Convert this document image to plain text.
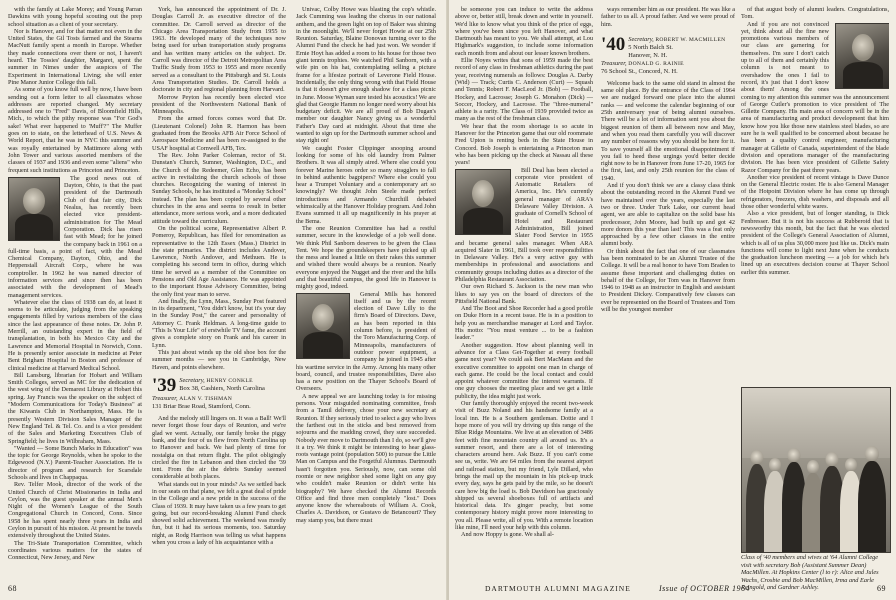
with the family at Lake Morey; and Young Parran Dawkins with young hopeful scouting out the prep school situation as a client of your secretary.

Nor is Hanover, and for that matter not even in the United States, the Gil Tosts farmed and the Stearns MacNutt family spent a month in Europe. Whether they made connections over there or not, I haven't heard. The Tossies' daughter, Margaret, spent the summer in Nimes under the auspices of The Experiment in International Living; she will enter Pine Manor Junior College this fall.

As some of you know full well by now, I have been sending out a form letter to all classmates whose addresses are reported changed. My secretary addressed one to "Fred" Davis, of Bloomfield Hills, Mich., to which the pithy response was "For God's sake! What ever happened to 'Muff'?" The Muffer goes on to state, on the letterhead of U.S. News & World Report, that he was in NYC this summer and was royally entertained by Mattimore along with John Tower and various assorted members of the classes of 1937 and 1936 and even some "aliens" who frequent such institutions as Princeton and Princeton.

The good news out of Dayton, Ohio, is that the past president of the Dartmouth Club of that fair city, Dick Nealus, has recently been elected vice president-administration for The Mead Corporation. Dick has risen fast with Mead; for he joined the company back in 1961 on a full-time basis, a point of fact, with the Mead Chemical Company, Dayton, Ohio, and the Heppenstall Aircraft Corp., where he was comptroller. In 1962 he was named director of information services and since then has been associated with the development of Mead's management services.

Whatever else the class of 1938 can do, at least it seems to be articulate, judging from the speaking engagements filled by various members of the class since the last appearance of these notes. Dr. John P. Merrill, an outstanding expert in the field of transplantation, in both his Mexico City and the Lawrence and Memorial Hospital in Norwich, Conn. He is presently senior associate in medicine at Peter Bent Brigham Hospital in Boston and professor of clinical medicine at Harvard Medical School.

Bill Lansburg, librarian for Hobart and William Smith Colleges, served as MC for the dedication of the west wing of the Demarest Library at Hobart this spring. Jay Francis was the speaker on the subject of "Modern Communications for Today's Business" at the Kiwanis Club in Northampton, Mass. He is presently Western Division Sales Manager of the New England Tel. & Tel. Co. and is a vice president of the Sales and Marketing Executives Club of Springfield; he lives in Wilbraham, Mass.

"Wanted — Some Bunch Marks in Education" was the topic for George Reynolds, when he spoke to the Edgewood (N.Y.) Parent-Teacher Association. He is director of program and research for Scarsdale Schools and lives in Chappaqua.

Rev. Telfer Mook, director of the work of the United Church of Christ Missionaries in India and Ceylon, was the guest speaker at the annual Men's Night of the Women's League of the South Congregational Church in Concord, Conn. Since 1958 he has spent nearly three years in India and Ceylon in pursuit of his mission. At present he travels extensively throughout the United States.

The Tri-State Transportation Committee, which coordinates various matters for the states of Connecticut, New Jersey, and New

York, has announced the appointment of Dr. J. Douglas Carroll Jr. as executive director of the committee. Dr. Carroll served as director of the Chicago Area Transportation Study from 1955 to 1963. He developed many of the techniques now being used for urban transportation study programs and has written many articles on the subject. Dr. Carroll was director of the Detroit Metropolitan Area Traffic Study from 1953 to 1955 and more recently served as a consultant to the Pittsburgh and St. Louis Area Transportation Studies. Dr. Carroll holds a doctorate in city and regional planning from Harvard.

Morrow Peyton has recently been elected vice president of the Northwestern National Bank of Minneapolis.

From the armed forces comes word that Dr. (Lieutenant Colonel) John R. Harmon has been graduated from the Brooks AFB Air Force School of Aerospace Medicine and has been re-assigned to the USAF hospital at Cornwell AFB, Tex.

The Rev. John Parker Coleman, rector of St. Dunstan's Church, Sumner, Washington, D.C., and the Church of the Redeemer, Glen Echo, has been active in revitalizing the church schools of those churches. Recognizing the waning of interest in Sunday Schools, he has instituted a "Monday School" instead. The plan has been copied by several other churches in the area and seems to result in better attendance, more serious work, and a more dedicated attitude toward the curriculum.

On the political scene, Representative Albert P. Pomeroy, Republican, has filed for renomination as representative to the 12th Essex (Mass.) District in the state primaries. The district includes Andover, Lawrence, North Andover, and Methuen. He is completing his second term in office, during which time he served as a member of the Committee on Pensions and Old Age Assistance. He was appointed to the important House Advisory Committee, being the only first year man to serve.

And finally, the Lynn, Mass., Sunday Post featured in its department, "You didn't know, but it's your day in the Sunday Post," the career and personality of Attorney C. Frank Heldman. A long-time guide to "This Is Your Life" of erstwhile TV fame, the account gives a complete story on Frank and his career in Lynn.

This just about winds up the old shoe box for the summer months — see you in Cambridge, New Haven, and points elsewhere.

'39 Secretary, HENRY CONKLE
Box 38, Cashiers, North Carolina
Treasurer, ALAN V. TISHMAN
131 Briar Brae Road, Stamford, Conn.

And the melody still lingers on. It was a Ball! We'll never forget those four days of Reunion, and we're glad we went. Actually, our family broke the piggy bank, and the four of us flew from North Carolina up to Hanover and back. We had plenty of time for nostalgia on that return flight. The pilot obligingly circled the fire in Lebanon and then circled the '39 tent. From the air the debris Sunday seemed considerable at both places.

What stands out in your minds? As we settled back in our seats on that plane, we felt a great deal of pride in the College and a new pride in the success of the Class of 1939. It may have taken us a few years to get going, but our record-breaking Alumni Fund check showed solid achievement. The weekend was mostly fun, but it had its serious moments, too. Saturday night, as Rodg Harrison was telling us what happens when you cross a lady of his acquaintance with a

Univac, Colby Howe was blasting the cop's whistle. Jack Cumming was leading the chorus in our national anthem, and the green light on top of Baker was shining in the moonlight. We'll never forget Howie at our 25th Reunion. Saturday, Blaine Donovan turning over to the Alumni Fund the check he had just won. We wonder if Ernie Hoyt has added a room to his house for those two giant tennis trophies. We watched Phil Sanborn, with a wife pin on his hat, contemplating selling a picture frame for a lifesize portrait of Leverone Field House. Incidentally, the only thing wrong with that Field House is that it doesn't give enough shadow for a class picnic in June. Moose Wyman sure tested his acoustics! We are glad that Georgie Hamm no longer need worry about his budgetary deficit. We are all proud of Bob Dugan's member our daughter Nancy giving us a wonderful Father's Day card at midnight. About that time she wanted to sign up for the Dartmouth summer school and stay right on!

We caught Foster Clippinger snooping around looking for some of his old laundry from Palmer Brothers. It was all simply aired. Where else could you forever Marine heroes order so many stragglers to fall in behind authentic bagpipers? Where else could you hear a Trumpet Voluntary and a contemporary art so knowingly? We thought John Steele made perfect introductions and Armando Churchill debated whimsically at the Hanover Holiday program. And John Evans summed it all up magnificently in his prayer at the Bema.

The one Reunion Committee has had a restful summer, secure in the knowledge of a job well done. We think Phil Sanborn deserves to be given the Class Tent. We hope the groundskeepers have picked up all the mess and leaned a little on their rakes this summer and wished there would always be a reunion. Nearly everyone enjoyed the Nugget and the river and the hills and that beautiful campus, the good life in Hanover is mighty good, indeed.

General Mills has honored itself and us by the recent election of Dave Lilly to the firm's Board of Directors. Dave, as has been reported in this column before, is president of the Toro Manufacturing Corp. of Minneapolis, manufacturers of outdoor power equipment, a company he joined in 1945 after his wartime service in the Army. Among his many other board, council, and trustee responsibilities, Dave also has a new position on the Thayer School's Board of Overseers.

A new appeal we are launching today is for missing persons. Your misguided nominating committee, fresh from a Tamil delivery, chose your new secretary at Reunion. If they seriously tried to select a guy who lives the farthest out in the sticks and best removed from sojourns and the madding crowd, they sure succeeded. Nobody ever move to Dartmouth than I do, so we'll give it a try. We think it might be interesting to hear glass-roots vantage point (population 500) to pursue the Little Man on Campus and the Forgetful Alumnus. Dartmouth hasn't forgotten you. Seriously, now, can some old roomie or new neighbor shed some light on any guy who couldn't make Reunion or didn't write his biography? We have checked the Alumni Records Office and find three men completely "lost." Does anyone know the whereabouts of William A. Cook, Charles A. Davidson, or Gustavo de Betancourt? They may stamp you, but there must

68

be someone you can induce to write the address above or, better still, break down and write in yourself. We'd like to know what you think of the price of eggs, where you've been since you left Hanover, and what Dartmouth has meant to you. We shall attempt, at Lou Highmark's suggestion, to include some information each month from and about our lesser known brothers.

Ellie Noyes writes that sons of 1959 made the best record of any class in freshman athletics during the past year, receiving numerals as follows: Douglas A. Darby (Wid) — Track; Curtis C. Anderson (Curt) — Squash and Tennis; Robert F. MacLeod Jr. (Bob) — Football, Hockey, and Lacrosse; Joseph G. Monahon (Dick) — Soccer, Hockey, and Lacrosse. The "three-numeral" athlete is a rarity. The Class of 1939 provided twice as many as the rest of the freshman class.

We hear that the room shortage is so acute in Hanover for the Princeton game that our old roommate Fred Upton is renting beds in the State House in Concord. Bob Joseph is entertaining a Princeton man who has been picking up the check at Nassau all these years!

Bill Deal has been elected a corporate vice president of Automatic Retailers of America, Inc. He's currently general manager of ARA's Delaware Valley Division. A graduate of Cornell's School of Hotel and Restaurant Administration, Bill joined Slater Food Service in 1955 and became general sales manager. When ARA acquired Slater in 1961, Bill took over responsibilities in Delaware Valley. He's a very active guy with memberships in professional and associations and community groups including duties as a director of the Philadelphia Restaurant Association.

Our own Richard S. Jackson is the new man who likes to say yes on the board of directors of the Pittsfield National Bank.

And The Boot and Shoe Recorder had a good profile on Duke Horn in a recent issue. He is in a position to help you as merchandise manager at Lord and Taylor. His motto: "You must venture ... to be a fashion leader."

Another suggestion. How about planning well in advance for a Class Get-Together at every football game next year? We could ask Bert MacMann and the executive committee to appoint one man in charge of each game. He could be the local contact and could appoint whatever committee the interest warrants. If one guy chooses the meeting place and we get a little publicity, the idea might just work.

Our family thoroughly enjoyed the recent two-week visit of Buzz Noland and his handsome family at a local inn. He is a Southern gentleman. Dottie and I hope more of you will try driving up this range of the Blue Ridge Mountains. We live at an elevation of 3486 feet with fine mountain country all around us. It's a summer resort, and there are a lot of interesting characters around here. Ask Buzz. If you can't come see us, write. We are 64 miles from the nearest airport and railroad station, but my friend, Lyle Dillard, who brings the mail up the mountain in his pick-up truck every day, says he gets paid by the mile, so he doesn't care how big the load is. Bob Davidson has graciously shipped us several shoeboxes full of artifacts and historical data. It's ginger peachy, but some contemporary history might prove more interesting to you all. Please write, all of you. With a remote location like mine, I'll need your help with this column.

And now Hoppy is gone. We shall al-

ways remember him as our president. He was like a father to us all. A proud father. And we were proud of him.

'40 Secretary, ROBERT W. MACMILLEN
5 North Balch St.
Hanover, N. H.
Treasurer, DONALD G. RAINIE
76 School St., Concord, N. H.

Welcome back to the same old stand in almost the same old place. By the entrance of the Class of 1964 we are nudged forward one place into the alumni ranks — and welcome the calendar beginning of our 25th anniversary year of being alumni ourselves. There will be a lot of information sent you about the biggest reunion of them all between now and May, and when you read them carefully you will discover any number of reasons why you should be here for it. To save yourself all the emotional disappointment if you fail to heed these urgings you'd better decide right now to be in Hanover from June 17-20, 1965 for the first, last, and only 25th reunion for the class of 1940.

And if you don't think we are a classy class think about the outstanding record in the Alumni Fund we have maintained over the years, especially the last two or three. Under Turk Lake, our current head agent, we are able to capitalize on the solid base his predecessor, John Moore, had built up and got 42 more donors this year than last! This was a feat only approached by a few other classes in the entire alumni body.

Or think about the fact that one of our classmates has been nominated to be an Alumni Trustee of the College. It will be a real honor to have Tom Braden to assume these important and challenging duties on behalf of the College, for Tom was in Hanover from 1946 to 1948 as an instructor in English and assistant to President Dickey. Comparatively few classes can ever be represented on the Board of Trustees and Tom will be the youngest member

of that august body of alumni leaders. Congratulations, Tom.

And if you are not convinced yet, think about all the fine new promotions various members of our class are garnering for themselves. I'm sure I don't catch up to all of them and certainly this column is not meant to overshadow the ones I fail to record, it's just that I don't know about them! Among the ones coming to my attention this summer was the announcement of George Cutler's promotion to vice president of The Gillette Company. His main area of concern will be in the area of manufacturing and product development that him know how you like those new stainless steel blades, so are sure he is well qualified to be concerned about because he has been a quality control engineer, manufacturing manager at Gillette of Canada, superintendent of the blade division and operations manager of the manufacturing division. He has been vice president of Gillette Safety Razor Company for the past three years.

Another vice president of recent vintage is Dave Dunce on the General Electric roster. He is also General Manager of the Hotpoint Division where he has come up through refrigerators, freezers, dish washers, and disposals and all those other wonderful white wares.

Also a vice president, but of longer standing, is Dick Fenbresser. But it is not his success at Rubberoid that is newsworthy this month, but the fact that he was elected president of the College's General Association of Alumni, which is all of us plus 30,000 more just like us. Dick's main functions will come to light next June when he conducts the graduation luncheon meeting — a job for which he's lined up an executives decision course at Thayer School earlier this summer.

Class of '40 members and wives at '64 Alumni College visit with secretary Bob (Assistant Summer Dean) MacMillen. At Hopkins Center (l to r): Alice and Jules Wachs, Crosbie and Bob MacMillen, Irma and Earle Reingold, and Gardner Ashley.
DARTMOUTH ALUMNI MAGAZINE	Issue of OCTOBER 1964	69
